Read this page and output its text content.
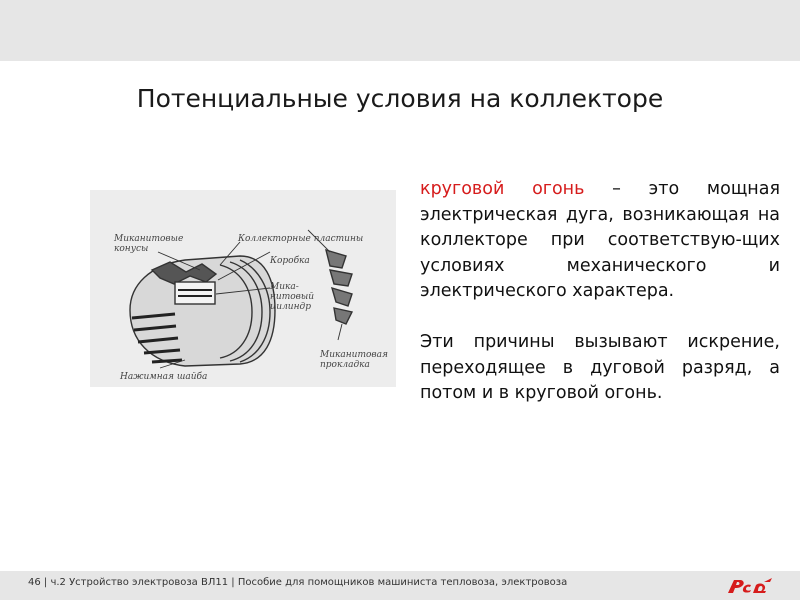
Потенциальные условия на коллекторе
Миканитовые
конусы
Коллекторные пластины
Коробка
Мика-
нитовый
цилиндр
Миканитовая
прокладка
Нажимная шайба

круговой огонь – это мощная электрическая дуга, возникающая на коллекторе при соответствую-щих условиях механического и электрического характера.

Эти причины вызывают искрение, переходящее в дуговой разряд, а потом и в круговой огонь.

46 | ч.2 Устройство электровоза ВЛ11 | Пособие для помощников машиниста тепловоза, электровоза
